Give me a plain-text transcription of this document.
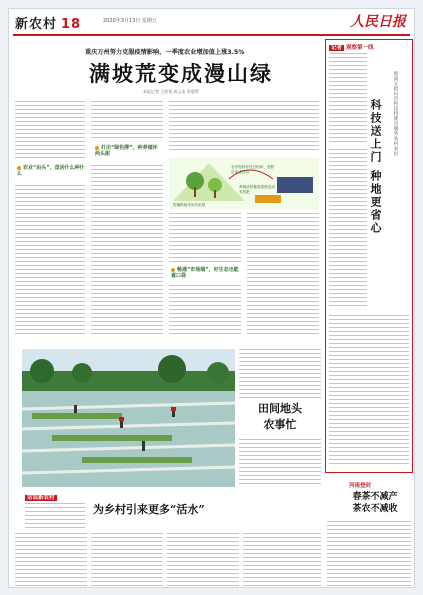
新农村 18	2020年3月13日 星期五	人民日报
重庆万州努力克服疫情影响，一季度农业增加值上涨3.5%
满坡荒变成漫山绿
本报记者 王欣悦 蒋云龙 常碧罗
农业“由头”，盘活什么种什么
打出“绿色牌”，种养循环两头甜
柑橘种植采用有机肥
农作物秸秆经过粉碎、发酵后变成饲料
养殖场把畜禽粪便变成有机肥
畅通“市场端”，好生态也能富口袋
记者 观察第一线
科技送上门 种地更省心 海南五指山市科技特派员服务农村农民
田间地头
农事忙
话说新农村
为乡村引来更多“活水”
河南登封
春茶不减产
茶农不减收
